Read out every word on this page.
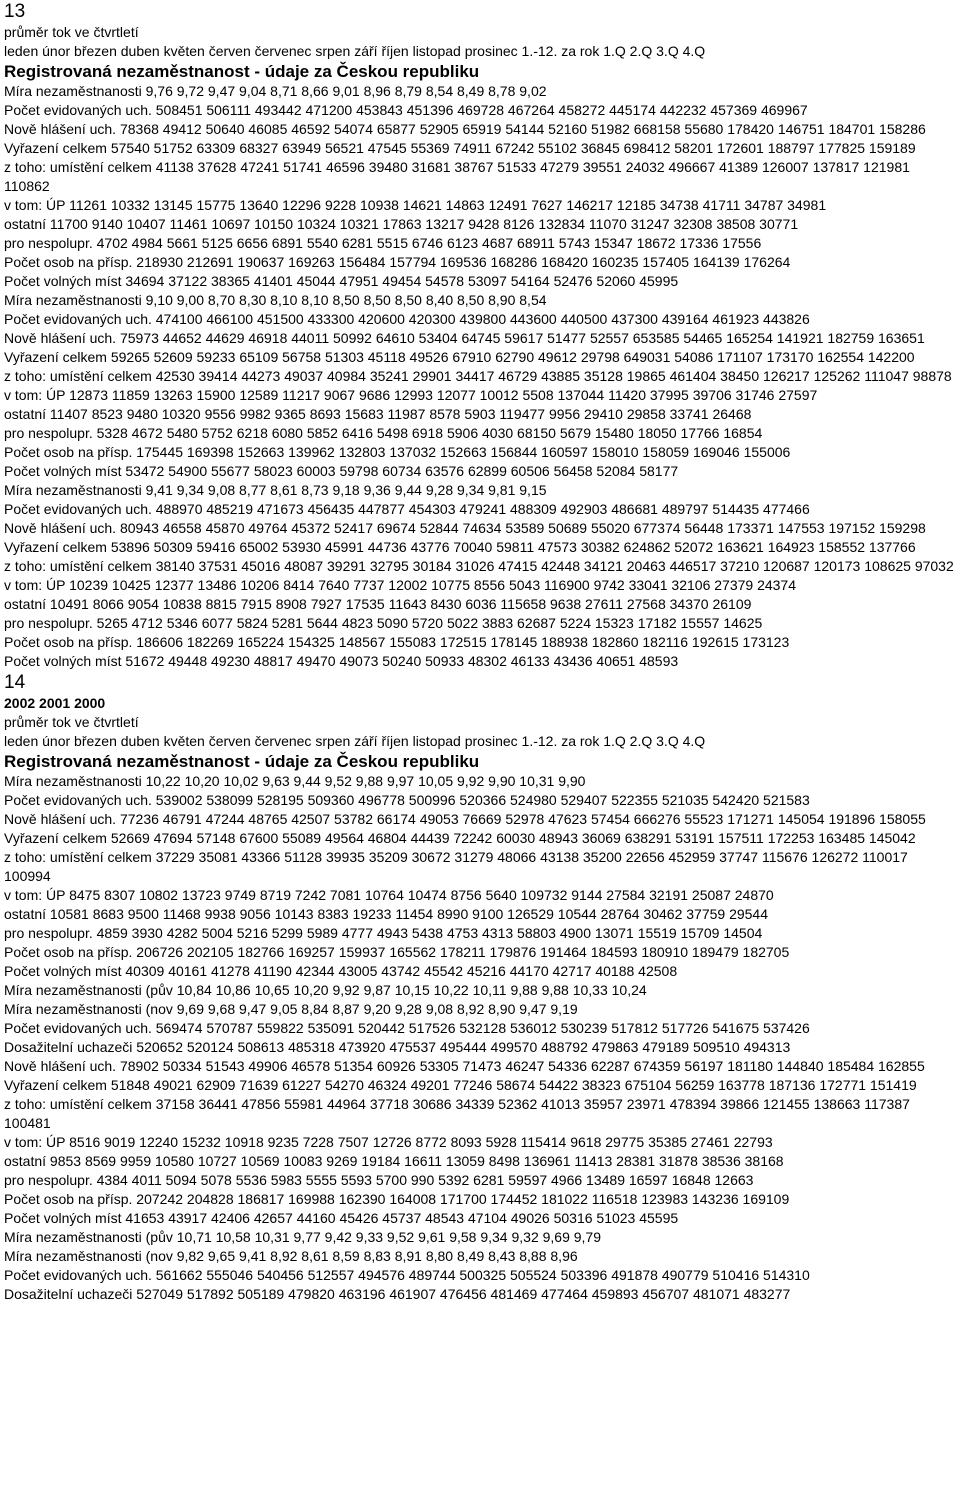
13

průměr tok ve čtvrtletí

leden únor březen duben květen červen červenec srpen září říjen listopad prosinec 1.-12. za rok 1.Q 2.Q 3.Q 4.Q

Registrovaná nezaměstnanost - údaje za Českou republiku

Míra nezaměstnanosti 9,76 9,72 9,47 9,04 8,71 8,66 9,01 8,96 8,79 8,54 8,49 8,78 9,02

Počet evidovaných uch. 508451 506111 493442 471200 453843 451396 469728 467264 458272 445174 442232 457369 469967

Nově hlášení uch. 78368 49412 50640 46085 46592 54074 65877 52905 65919 54144 52160 51982 668158 55680 178420 146751 184701 158286

Vyřazení celkem 57540 51752 63309 68327 63949 56521 47545 55369 74911 67242 55102 36845 698412 58201 172601 188797 177825 159189

z toho: umístění celkem 41138 37628 47241 51741 46596 39480 31681 38767 51533 47279 39551 24032 496667 41389 126007 137817 121981 110862

v tom: ÚP 11261 10332 13145 15775 13640 12296 9228 10938 14621 14863 12491 7627 146217 12185 34738 41711 34787 34981

ostatní 11700 9140 10407 11461 10697 10150 10324 10321 17863 13217 9428 8126 132834 11070 31247 32308 38508 30771

pro nespolupr. 4702 4984 5661 5125 6656 6891 5540 6281 5515 6746 6123 4687 68911 5743 15347 18672 17336 17556

Počet osob na přísp. 218930 212691 190637 169263 156484 157794 169536 168286 168420 160235 157405 164139 176264

Počet volných míst 34694 37122 38365 41401 45044 47951 49454 54578 53097 54164 52476 52060 45995

Míra nezaměstnanosti 9,10 9,00 8,70 8,30 8,10 8,10 8,50 8,50 8,50 8,40 8,50 8,90 8,54

Počet evidovaných uch. 474100 466100 451500 433300 420600 420300 439800 443600 440500 437300 439164 461923 443826

Nově hlášení uch. 75973 44652 44629 46918 44011 50992 64610 53404 64745 59617 51477 52557 653585 54465 165254 141921 182759 163651

Vyřazení celkem 59265 52609 59233 65109 56758 51303 45118 49526 67910 62790 49612 29798 649031 54086 171107 173170 162554 142200

z toho: umístění celkem 42530 39414 44273 49037 40984 35241 29901 34417 46729 43885 35128 19865 461404 38450 126217 125262 111047 98878

v tom: ÚP 12873 11859 13263 15900 12589 11217 9067 9686 12993 12077 10012 5508 137044 11420 37995 39706 31746 27597

ostatní 11407 8523 9480 10320 9556 9982 9365 8693 15683 11987 8578 5903 119477 9956 29410 29858 33741 26468

pro nespolupr. 5328 4672 5480 5752 6218 6080 5852 6416 5498 6918 5906 4030 68150 5679 15480 18050 17766 16854

Počet osob na přísp. 175445 169398 152663 139962 132803 137032 152663 156844 160597 158010 158059 169046 155006

Počet volných míst 53472 54900 55677 58023 60003 59798 60734 63576 62899 60506 56458 52084 58177

Míra nezaměstnanosti 9,41 9,34 9,08 8,77 8,61 8,73 9,18 9,36 9,44 9,28 9,34 9,81 9,15

Počet evidovaných uch. 488970 485219 471673 456435 447877 454303 479241 488309 492903 486681 489797 514435 477466

Nově hlášení uch. 80943 46558 45870 49764 45372 52417 69674 52844 74634 53589 50689 55020 677374 56448 173371 147553 197152 159298

Vyřazení celkem 53896 50309 59416 65002 53930 45991 44736 43776 70040 59811 47573 30382 624862 52072 163621 164923 158552 137766

z toho: umístění celkem 38140 37531 45016 48087 39291 32795 30184 31026 47415 42448 34121 20463 446517 37210 120687 120173 108625 97032

v tom: ÚP 10239 10425 12377 13486 10206 8414 7640 7737 12002 10775 8556 5043 116900 9742 33041 32106 27379 24374

ostatní 10491 8066 9054 10838 8815 7915 8908 7927 17535 11643 8430 6036 115658 9638 27611 27568 34370 26109

pro nespolupr. 5265 4712 5346 6077 5824 5281 5644 4823 5090 5720 5022 3883 62687 5224 15323 17182 15557 14625

Počet osob na přísp. 186606 182269 165224 154325 148567 155083 172515 178145 188938 182860 182116 192615 173123

Počet volných míst 51672 49448 49230 48817 49470 49073 50240 50933 48302 46133 43436 40651 48593

14

2002 2001 2000

průměr tok ve čtvrtletí

leden únor březen duben květen červen červenec srpen září říjen listopad prosinec 1.-12. za rok 1.Q 2.Q 3.Q 4.Q

Registrovaná nezaměstnanost - údaje za Českou republiku

Míra nezaměstnanosti 10,22 10,20 10,02 9,63 9,44 9,52 9,88 9,97 10,05 9,92 9,90 10,31 9,90

Počet evidovaných uch. 539002 538099 528195 509360 496778 500996 520366 524980 529407 522355 521035 542420 521583

Nově hlášení uch. 77236 46791 47244 48765 42507 53782 66174 49053 76669 52978 47623 57454 666276 55523 171271 145054 191896 158055

Vyřazení celkem 52669 47694 57148 67600 55089 49564 46804 44439 72242 60030 48943 36069 638291 53191 157511 172253 163485 145042

z toho: umístění celkem 37229 35081 43366 51128 39935 35209 30672 31279 48066 43138 35200 22656 452959 37747 115676 126272 110017 100994

v tom: ÚP 8475 8307 10802 13723 9749 8719 7242 7081 10764 10474 8756 5640 109732 9144 27584 32191 25087 24870

ostatní 10581 8683 9500 11468 9938 9056 10143 8383 19233 11454 8990 9100 126529 10544 28764 30462 37759 29544

pro nespolupr. 4859 3930 4282 5004 5216 5299 5989 4777 4943 5438 4753 4313 58803 4900 13071 15519 15709 14504

Počet osob na přísp. 206726 202105 182766 169257 159937 165562 178211 179876 191464 184593 180910 189479 182705

Počet volných míst 40309 40161 41278 41190 42344 43005 43742 45542 45216 44170 42717 40188 42508

Míra nezaměstnanosti (pův 10,84 10,86 10,65 10,20 9,92 9,87 10,15 10,22 10,11 9,88 9,88 10,33 10,24

Míra nezaměstnanosti (nov 9,69 9,68 9,47 9,05 8,84 8,87 9,20 9,28 9,08 8,92 8,90 9,47 9,19

Počet evidovaných uch. 569474 570787 559822 535091 520442 517526 532128 536012 530239 517812 517726 541675 537426

Dosažitelní uchazeči 520652 520124 508613 485318 473920 475537 495444 499570 488792 479863 479189 509510 494313

Nově hlášení uch. 78902 50334 51543 49906 46578 51354 60926 53305 71473 46247 54336 62287 674359 56197 181180 144840 185484 162855

Vyřazení celkem 51848 49021 62909 71639 61227 54270 46324 49201 77246 58674 54422 38323 675104 56259 163778 187136 172771 151419

z toho: umístění celkem 37158 36441 47856 55981 44964 37718 30686 34339 52362 41013 35957 23971 478394 39866 121455 138663 117387 100481

v tom: ÚP 8516 9019 12240 15232 10918 9235 7228 7507 12726 8772 8093 5928 115414 9618 29775 35385 27461 22793

ostatní 9853 8569 9959 10580 10727 10569 10083 9269 19184 16611 13059 8498 136961 11413 28381 31878 38536 38168

pro nespolupr. 4384 4011 5094 5078 5536 5983 5555 5593 5700 990 5392 6281 59597 4966 13489 16597 16848 12663

Počet osob na přísp. 207242 204828 186817 169988 162390 164008 171700 174452 181022 116518 123983 143236 169109

Počet volných míst 41653 43917 42406 42657 44160 45426 45737 48543 47104 49026 50316 51023 45595

Míra nezaměstnanosti (pův 10,71 10,58 10,31 9,77 9,42 9,33 9,52 9,61 9,58 9,34 9,32 9,69 9,79

Míra nezaměstnanosti (nov 9,82 9,65 9,41 8,92 8,61 8,59 8,83 8,91 8,80 8,49 8,43 8,88 8,96

Počet evidovaných uch. 561662 555046 540456 512557 494576 489744 500325 505524 503396 491878 490779 510416 514310

Dosažitelní uchazeči 527049 517892 505189 479820 463196 461907 476456 481469 477464 459893 456707 481071 483277
